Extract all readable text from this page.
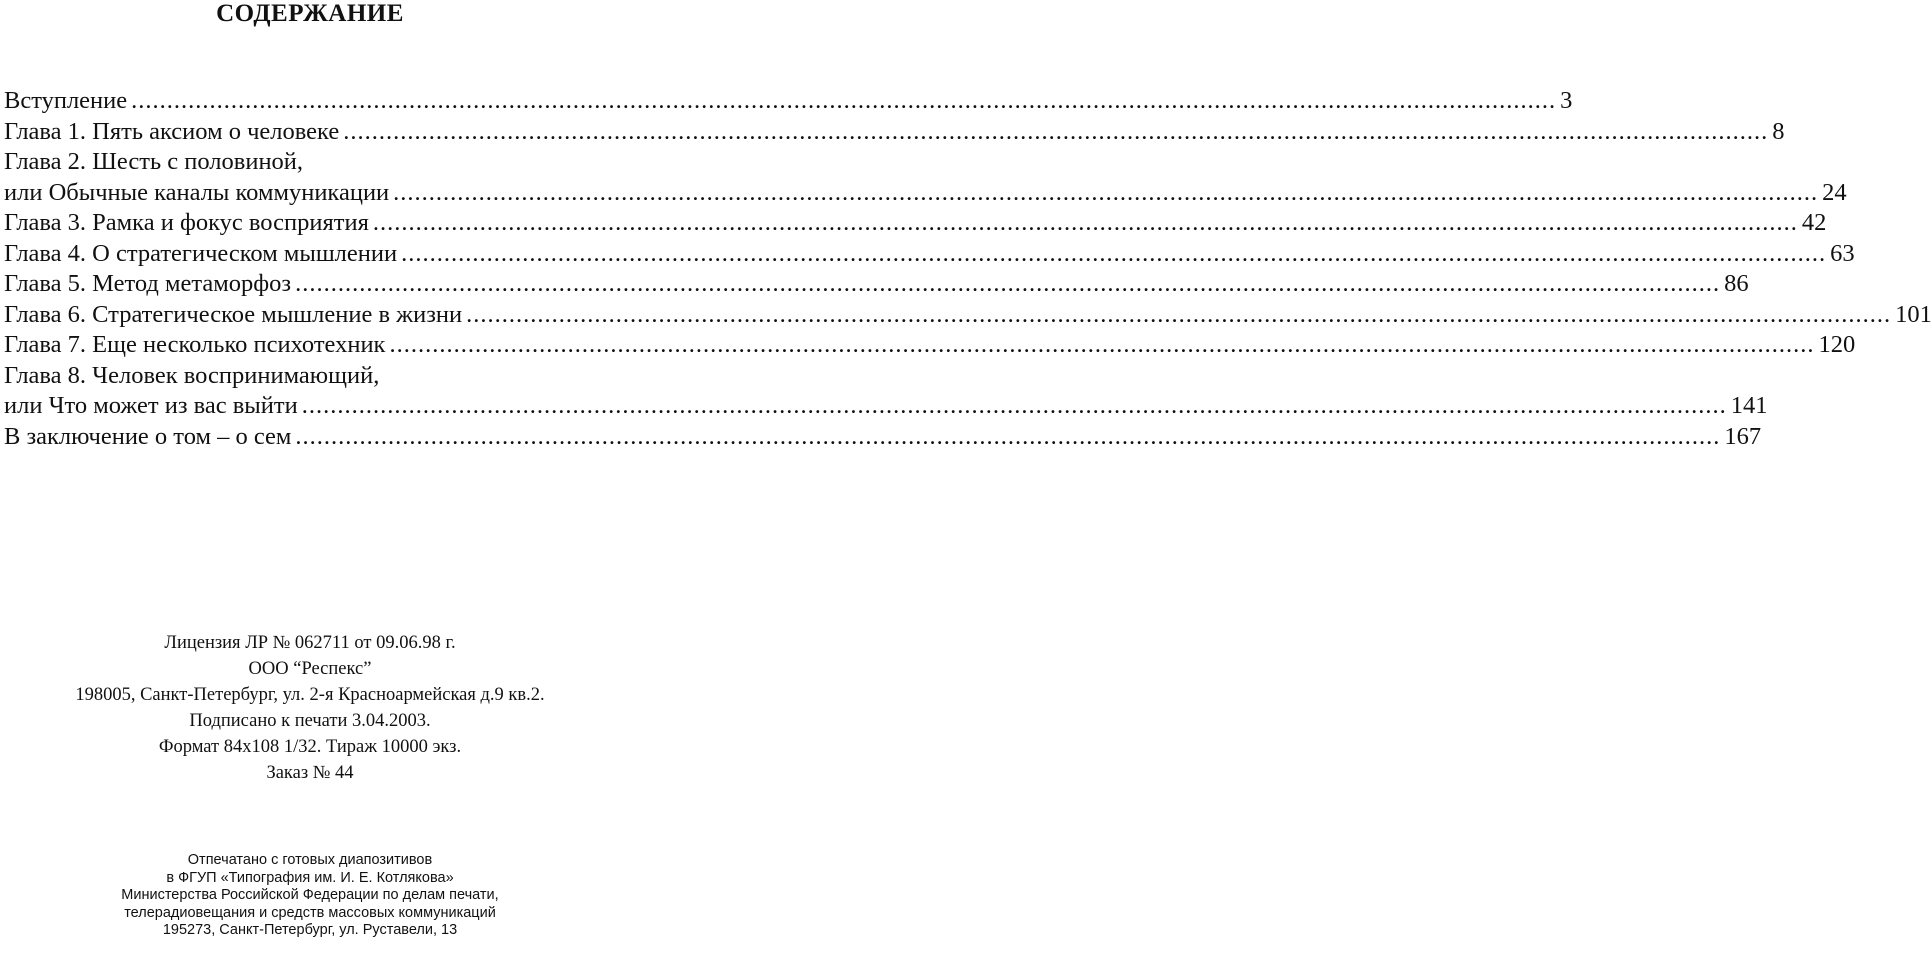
СОДЕРЖАНИЕ
Вступление ........................................................................................................................................................................................................ 3
Глава 1. Пять аксиом о человеке ........................................................................................................................................................................................................ 8
Глава 2. Шесть с половиной,
или Обычные каналы коммуникации ........................................................................................................................................................................................................ 24
Глава 3. Рамка и фокус восприятия ........................................................................................................................................................................................................ 42
Глава 4. О стратегическом мышлении ........................................................................................................................................................................................................ 63
Глава 5. Метод метаморфоз ........................................................................................................................................................................................................ 86
Глава 6. Стратегическое мышление в жизни ........................................................................................................................................................................................................ 101
Глава 7. Еще несколько психотехник ........................................................................................................................................................................................................ 120
Глава 8. Человек воспринимающий,
или Что может из вас выйти ........................................................................................................................................................................................................ 141
В заключение о том – о сем ........................................................................................................................................................................................................ 167
Лицензия ЛР № 062711 от 09.06.98 г.
ООО “Респекс”
198005, Санкт-Петербург, ул. 2-я Красноармейская д.9 кв.2.
Подписано к печати 3.04.2003.
Формат 84х108 1/32. Тираж 10000 экз.
Заказ № 44
Отпечатано с готовых диапозитивов
в ФГУП «Типография им. И. Е. Котлякова»
Министерства Российской Федерации по делам печати,
телерадиовещания и средств массовых коммуникаций
195273, Санкт-Петербург, ул. Руставели, 13
